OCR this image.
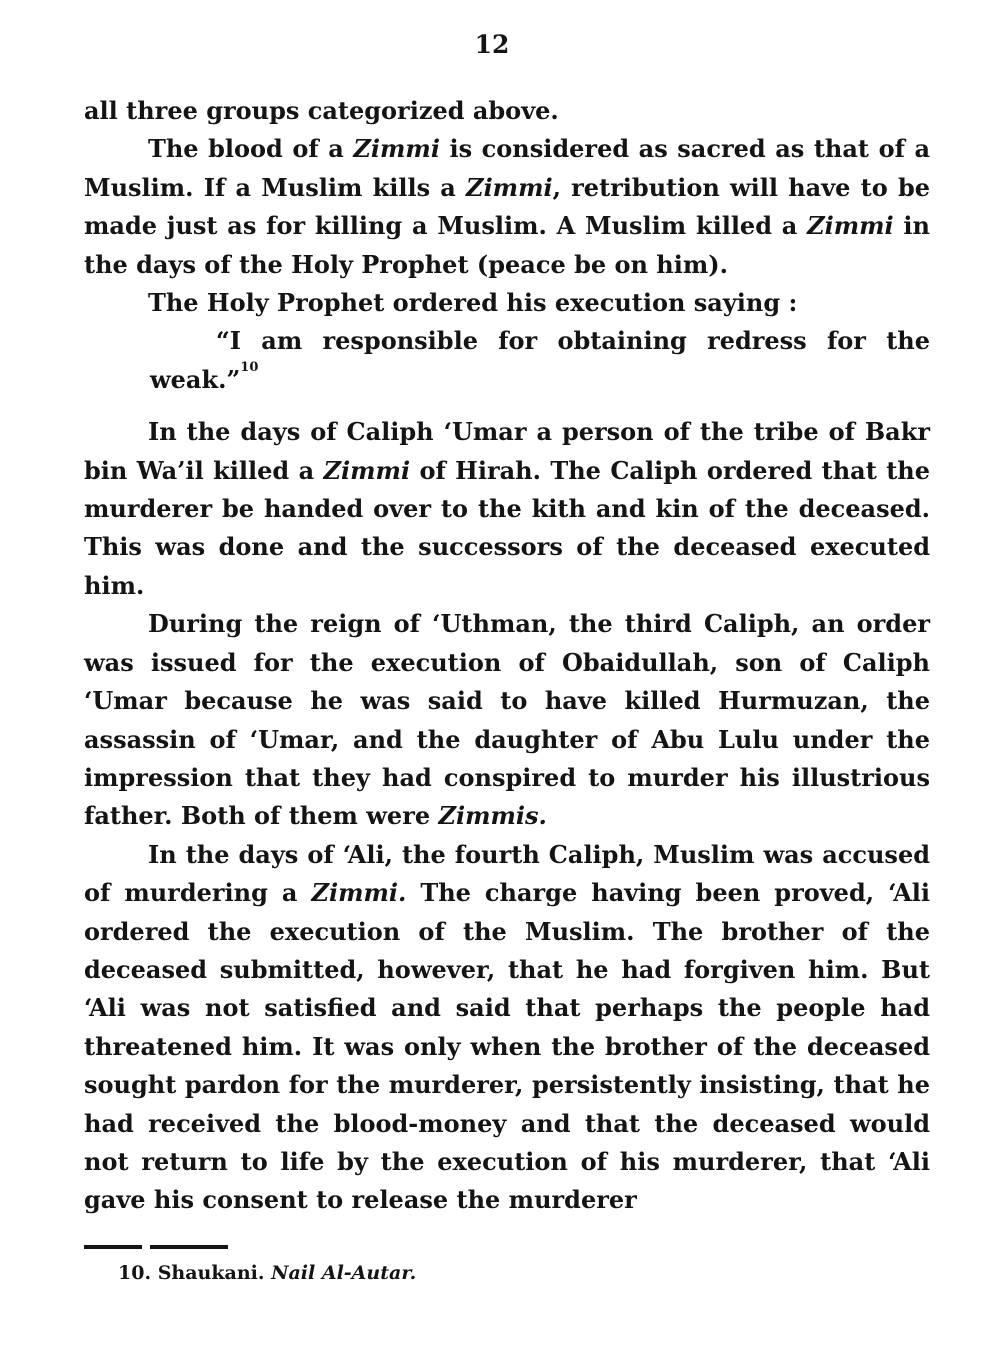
12

all three groups categorized above.

The blood of a Zimmi is considered as sacred as that of a Muslim. If a Muslim kills a Zimmi, retribution will have to be made just as for killing a Muslim. A Muslim killed a Zimmi in the days of the Holy Prophet (peace be on him).

The Holy Prophet ordered his execution saying :

“I am responsible for obtaining redress for the weak.”$^{10}$

In the days of Caliph ‘Umar a person of the tribe of Bakr bin Wa’il killed a Zimmi of Hirah. The Caliph ordered that the murderer be handed over to the kith and kin of the deceased. This was done and the successors of the deceased executed him.

During the reign of ‘Uthman, the third Caliph, an order was issued for the execution of Obaidullah, son of Caliph ‘Umar because he was said to have killed Hurmuzan, the assassin of ‘Umar, and the daughter of Abu Lulu under the impression that they had conspired to murder his illustrious father. Both of them were Zimmis.

In the days of ‘Ali, the fourth Caliph, Muslim was accused of murdering a Zimmi. The charge having been proved, ‘Ali ordered the execution of the Muslim. The brother of the deceased submitted, however, that he had forgiven him. But ‘Ali was not satisfied and said that perhaps the people had threatened him. It was only when the brother of the deceased sought pardon for the murderer, persistently insisting, that he had received the blood-money and that the deceased would not return to life by the execution of his murderer, that ‘Ali gave his consent to release the murderer

10. Shaukani. Nail Al-Autar.
